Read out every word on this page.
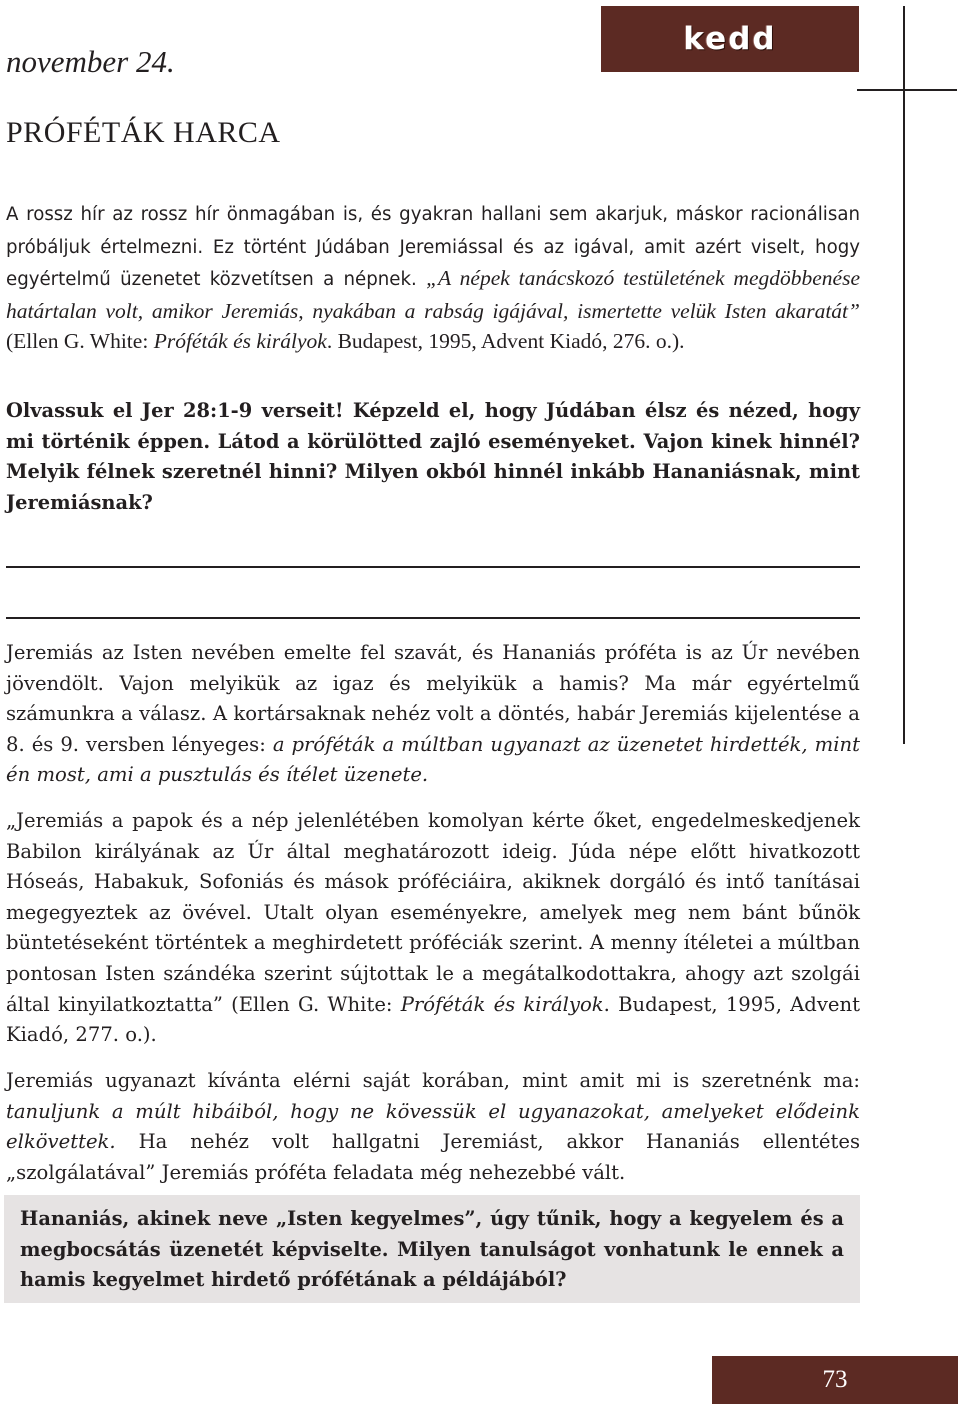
november 24.
kedd
PRÓFÉTÁK HARCA

A rossz hír az rossz hír önmagában is, és gyakran hallani sem akarjuk, máskor racionálisan próbáljuk értelmezni. Ez történt Júdában Jeremiással és az igával, amit azért viselt, hogy egyértelmű üzenetet közvetítsen a népnek. „A népek tanácskozó testületének megdöbbenése határtalan volt, amikor Jeremiás, nyakában a rabság igájával, ismertette velük Isten akaratát” (Ellen G. White: Próféták és királyok. Budapest, 1995, Advent Kiadó, 276. o.).

Olvassuk el Jer 28:1-9 verseit! Képzeld el, hogy Júdában élsz és nézed, hogy mi történik éppen. Látod a körülötted zajló eseményeket. Vajon kinek hinnél? Melyik félnek szeretnél hinni? Milyen okból hinnél inkább Hananiásnak, mint Jeremiásnak?

Jeremiás az Isten nevében emelte fel szavát, és Hananiás próféta is az Úr nevében jövendölt. Vajon melyikük az igaz és melyikük a hamis? Ma már egyértelmű számunkra a válasz. A kortársaknak nehéz volt a döntés, habár Jeremiás kijelentése a 8. és 9. versben lényeges: a próféták a múltban ugyanazt az üzenetet hirdették, mint én most, ami a pusztulás és ítélet üzenete.

„Jeremiás a papok és a nép jelenlétében komolyan kérte őket, engedelmeskedjenek Babilon királyának az Úr által meghatározott ideig. Júda népe előtt hivatkozott Hóseás, Habakuk, Sofoniás és mások próféciáira, akiknek dorgáló és intő tanításai megegyeztek az övével. Utalt olyan eseményekre, amelyek meg nem bánt bűnök büntetéseként történtek a meghirdetett próféciák szerint. A menny ítéletei a múltban pontosan Isten szándéka szerint sújtottak le a megátalkodottakra, ahogy azt szolgái által kinyilatkoztatta” (Ellen G. White: Próféták és királyok. Budapest, 1995, Advent Kiadó, 277. o.).

Jeremiás ugyanazt kívánta elérni saját korában, mint amit mi is szeretnénk ma: tanuljunk a múlt hibáiból, hogy ne kövessük el ugyanazokat, amelyeket elődeink elkövettek. Ha nehéz volt hallgatni Jeremiást, akkor Hananiás ellentétes „szolgálatával” Jeremiás próféta feladata még nehezebbé vált.

Hananiás, akinek neve „Isten kegyelmes”, úgy tűnik, hogy a kegyelem és a megbocsátás üzenetét képviselte. Milyen tanulságot vonhatunk le ennek a hamis kegyelmet hirdető prófétának a példájából?

73
